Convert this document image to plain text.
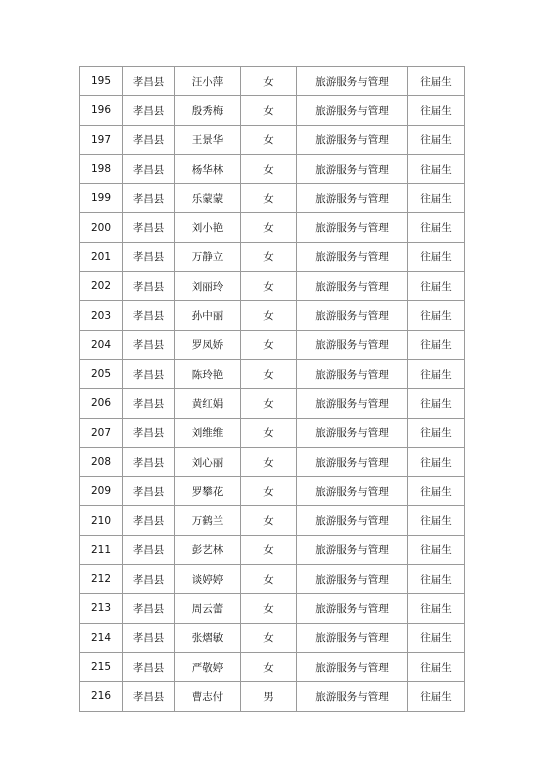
195	孝昌县	汪小萍	女	旅游服务与管理	往届生
196	孝昌县	殷秀梅	女	旅游服务与管理	往届生
197	孝昌县	王景华	女	旅游服务与管理	往届生
198	孝昌县	杨华林	女	旅游服务与管理	往届生
199	孝昌县	乐蒙蒙	女	旅游服务与管理	往届生
200	孝昌县	刘小艳	女	旅游服务与管理	往届生
201	孝昌县	万静立	女	旅游服务与管理	往届生
202	孝昌县	刘丽玲	女	旅游服务与管理	往届生
203	孝昌县	孙中丽	女	旅游服务与管理	往届生
204	孝昌县	罗凤娇	女	旅游服务与管理	往届生
205	孝昌县	陈玲艳	女	旅游服务与管理	往届生
206	孝昌县	黄红娟	女	旅游服务与管理	往届生
207	孝昌县	刘维维	女	旅游服务与管理	往届生
208	孝昌县	刘心丽	女	旅游服务与管理	往届生
209	孝昌县	罗攀花	女	旅游服务与管理	往届生
210	孝昌县	万鹤兰	女	旅游服务与管理	往届生
211	孝昌县	彭艺林	女	旅游服务与管理	往届生
212	孝昌县	谈婷婷	女	旅游服务与管理	往届生
213	孝昌县	周云蕾	女	旅游服务与管理	往届生
214	孝昌县	张熠敏	女	旅游服务与管理	往届生
215	孝昌县	严敬婷	女	旅游服务与管理	往届生
216	孝昌县	曹志付	男	旅游服务与管理	往届生
